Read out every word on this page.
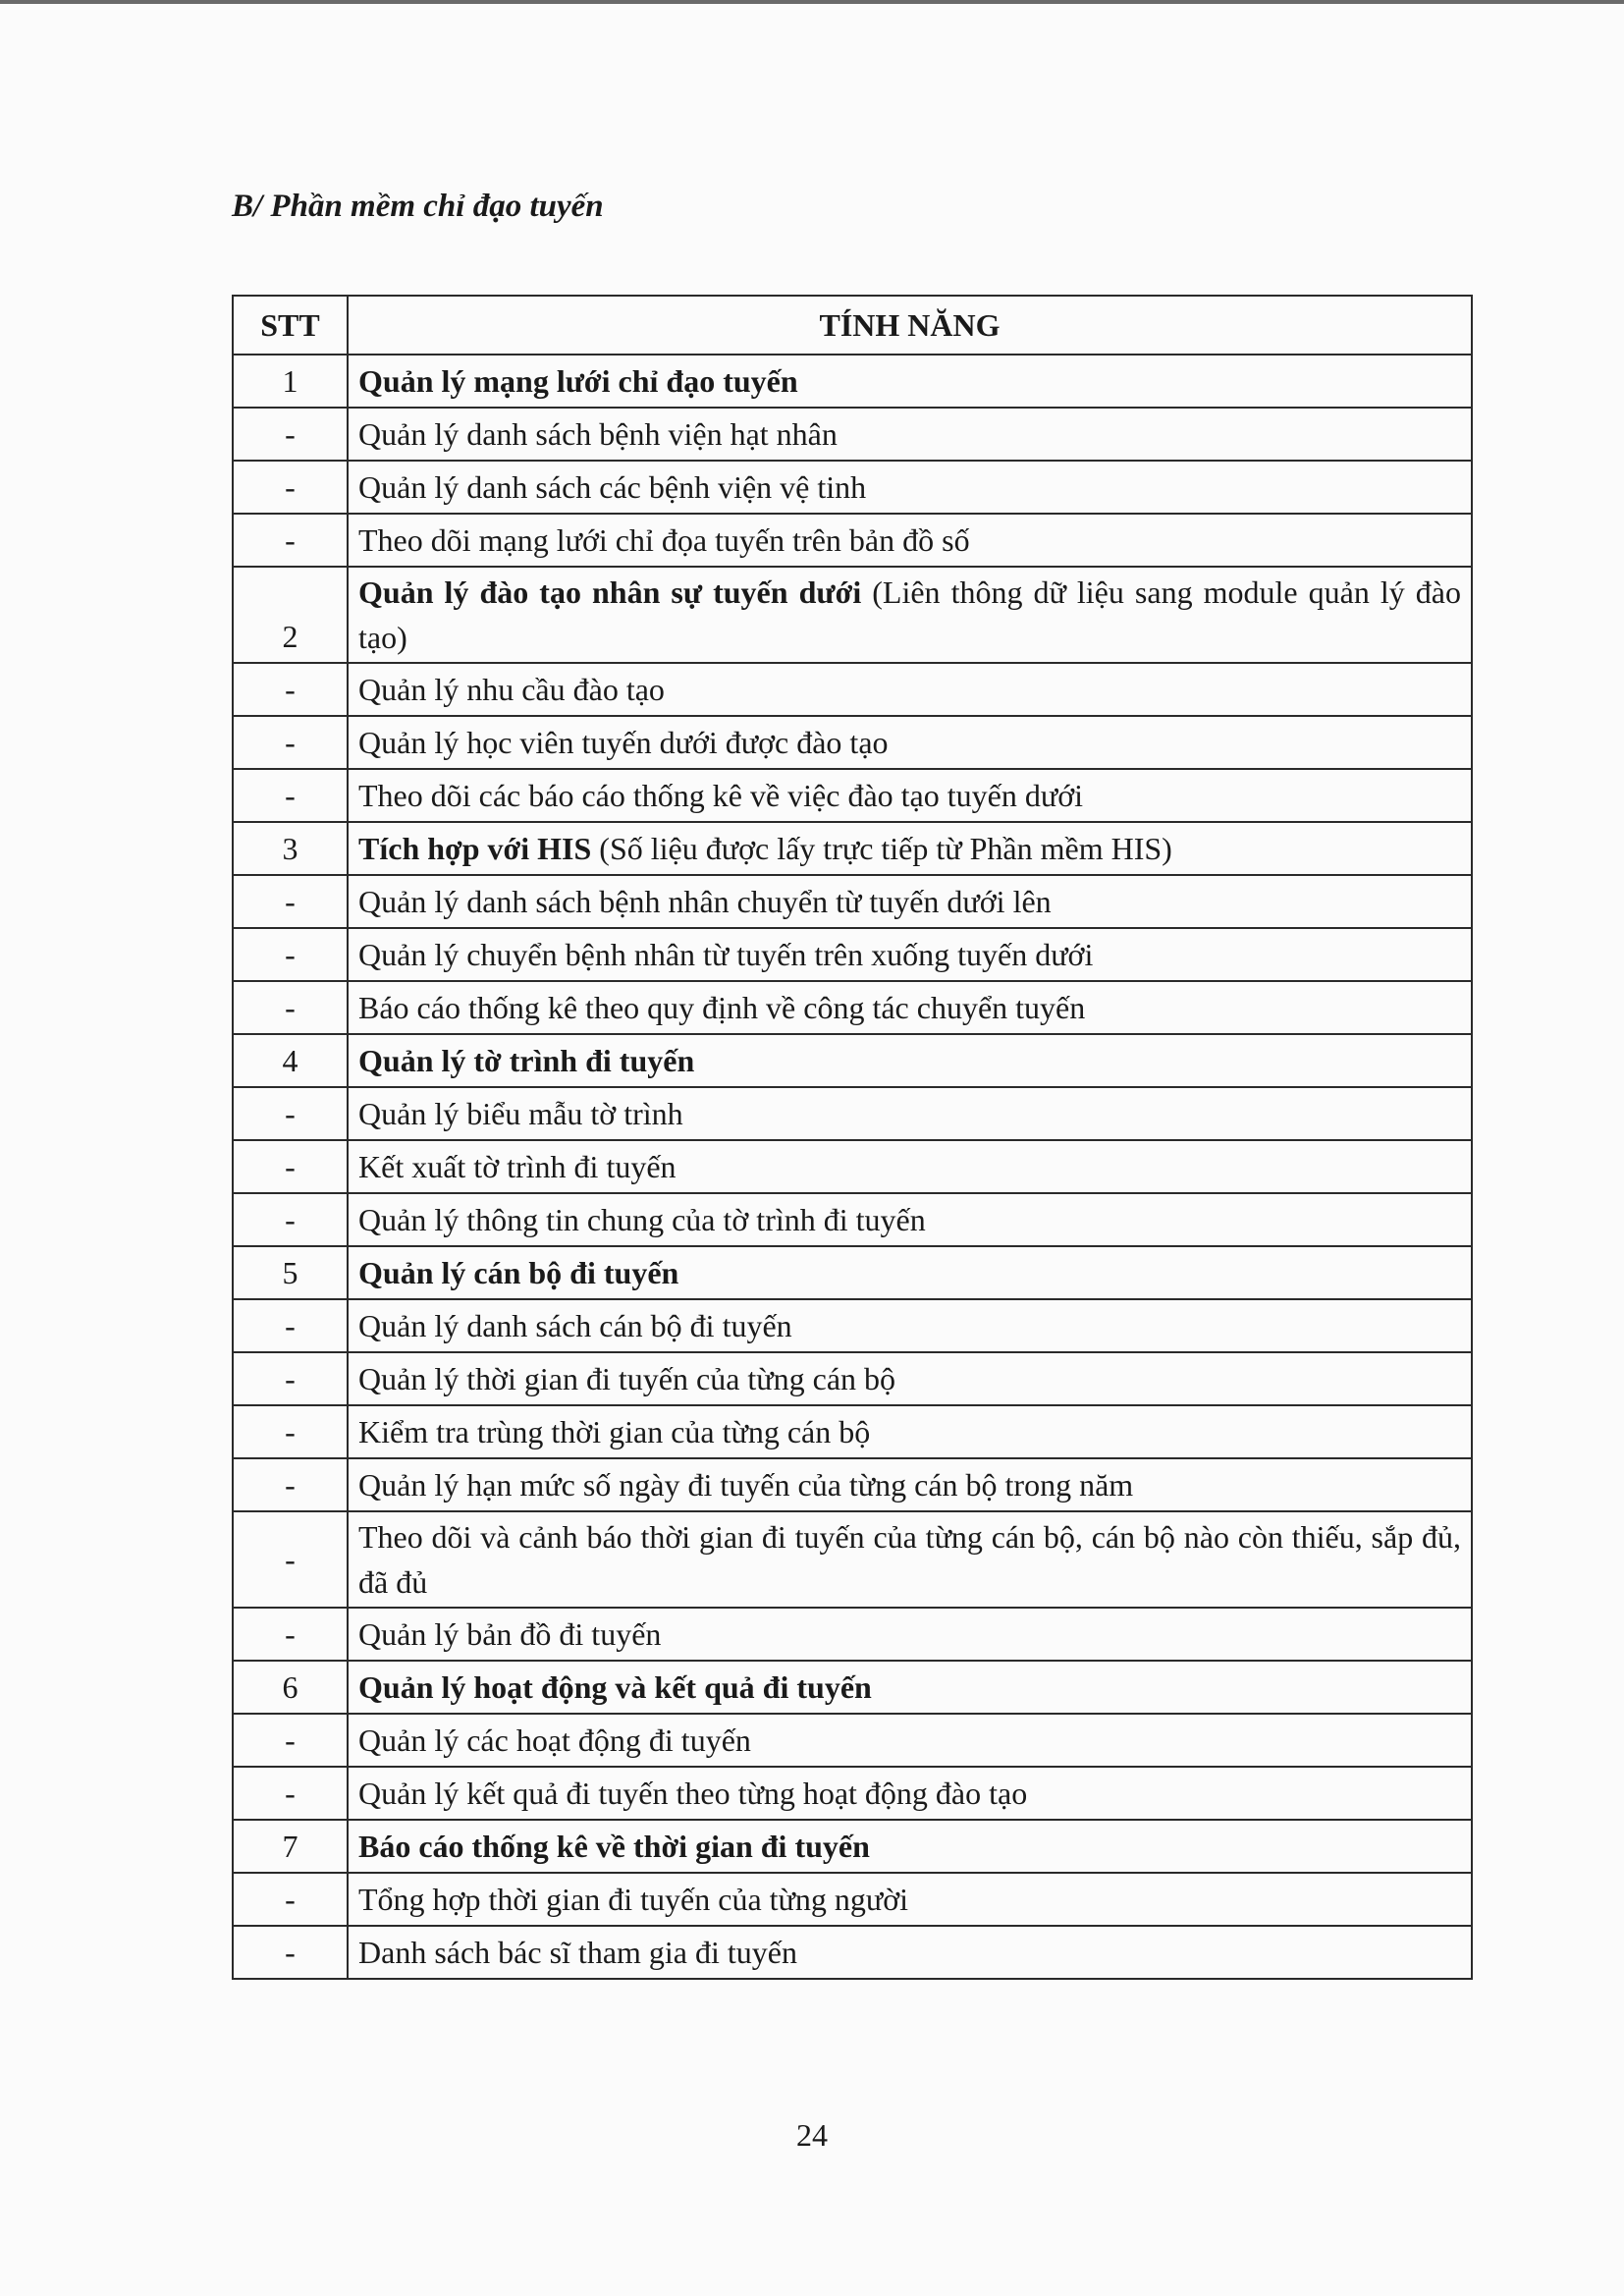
B/ Phần mềm chỉ đạo tuyến
STT	TÍNH NĂNG
1	Quản lý mạng lưới chỉ đạo tuyến
-	Quản lý danh sách bệnh viện hạt nhân
-	Quản lý danh sách các bệnh viện vệ tinh
-	Theo dõi mạng lưới chỉ đọa tuyến trên bản đồ số
2	Quản lý đào tạo nhân sự tuyến dưới (Liên thông dữ liệu sang module quản lý đào tạo)
-	Quản lý nhu cầu đào tạo
-	Quản lý học viên tuyến dưới được đào tạo
-	Theo dõi các báo cáo thống kê về việc đào tạo tuyến dưới
3	Tích hợp với HIS (Số liệu được lấy trực tiếp từ Phần mềm HIS)
-	Quản lý danh sách bệnh nhân chuyển từ tuyến dưới lên
-	Quản lý chuyển bệnh nhân từ tuyến trên xuống tuyến dưới
-	Báo cáo thống kê theo quy định về công tác chuyển tuyến
4	Quản lý tờ trình đi tuyến
-	Quản lý biểu mẫu tờ trình
-	Kết xuất tờ trình đi tuyến
-	Quản lý thông tin chung của tờ trình đi tuyến
5	Quản lý cán bộ đi tuyến
-	Quản lý danh sách cán bộ đi tuyến
-	Quản lý thời gian đi tuyến của từng cán bộ
-	Kiểm tra trùng thời gian của từng cán bộ
-	Quản lý hạn mức số ngày đi tuyến của từng cán bộ trong năm
-	Theo dõi và cảnh báo thời gian đi tuyến của từng cán bộ, cán bộ nào còn thiếu, sắp đủ, đã đủ
-	Quản lý bản đồ đi tuyến
6	Quản lý hoạt động và kết quả đi tuyến
-	Quản lý các hoạt động đi tuyến
-	Quản lý kết quả đi tuyến theo từng hoạt động đào tạo
7	Báo cáo thống kê về thời gian đi tuyến
-	Tổng hợp thời gian đi tuyến của từng người
-	Danh sách bác sĩ tham gia đi tuyến
24
